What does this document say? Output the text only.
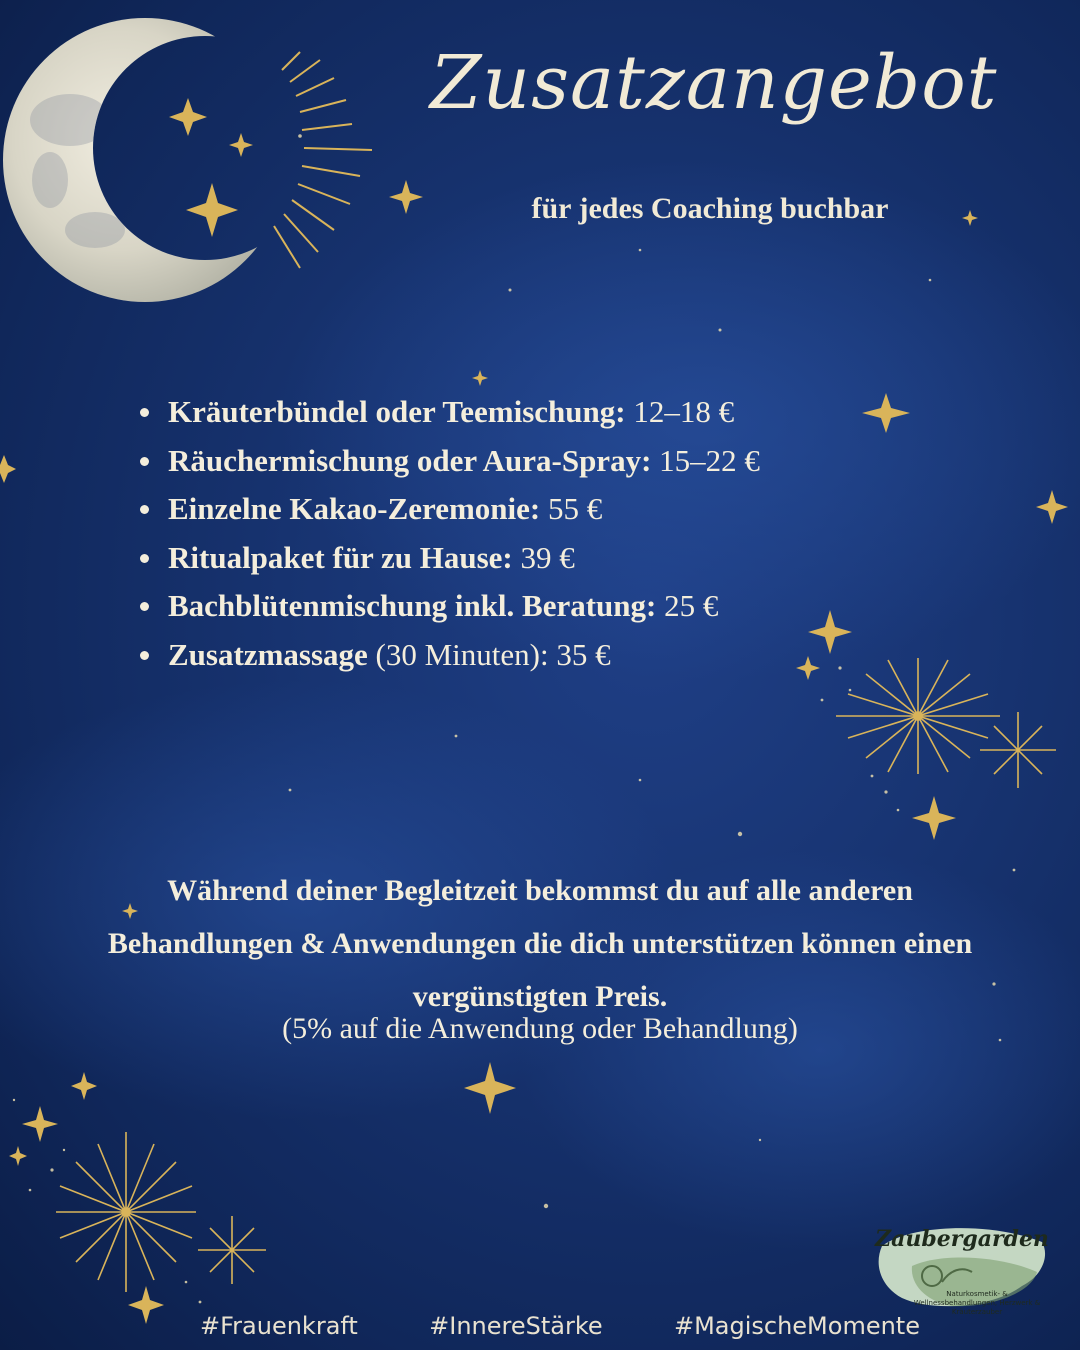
Zusatzangebot
für jedes Coaching buchbar
Kräuterbündel oder Teemischung: 12–18 €
Räuchermischung oder Aura-Spray: 15–22 €
Einzelne Kakao-Zeremonie: 55 €
Ritualpaket für zu Hause: 39 €
Bachblütenmischung inkl. Beratung: 25 €
Zusatzmassage (30 Minuten): 35 €
Während deiner Begleitzeit bekommst du auf alle anderen Behandlungen & Anwendungen die dich unterstützen können einen vergünstigten Preis.
(5% auf die Anwendung oder Behandlung)
Zaubergarden
Naturkosmetik- & Wellnessbehandlungen, Herzwerk & Kräuterzauber
#Frauenkraft	#InnereStärke	#MagischeMomente
